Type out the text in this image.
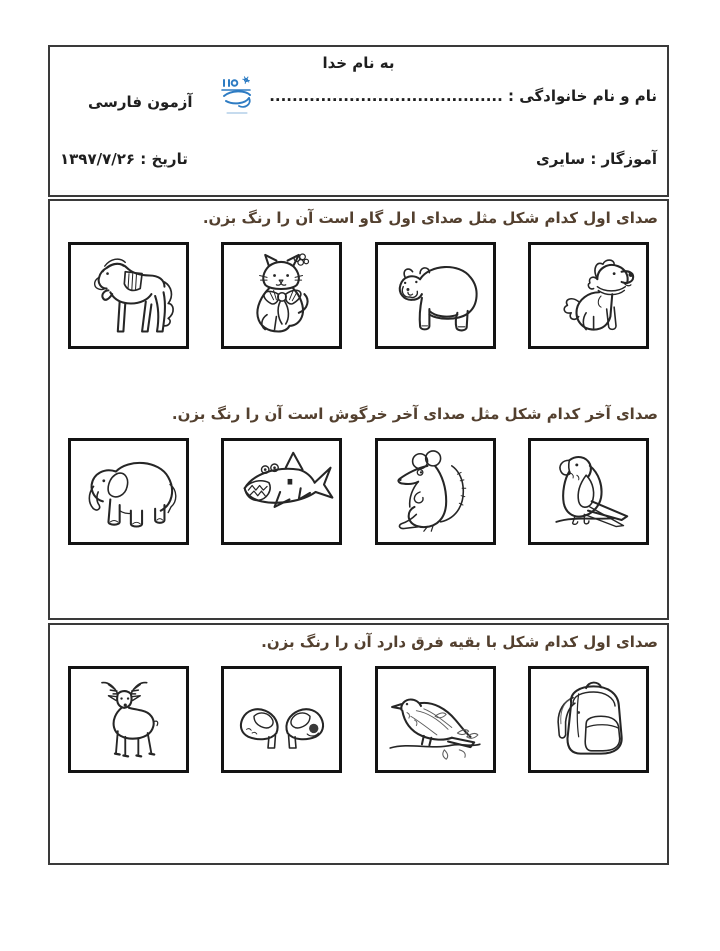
به نام خدا
نام و نام خانوادگی : .........................................
آزمون فارسی
آموزگار : سایری
تاریخ : ۱۳۹۷/۷/۲۶

صدای اول کدام شکل مثل صدای اول گاو است آن را رنگ بزن.

صدای آخر کدام شکل مثل صدای آخر خرگوش است آن را رنگ بزن.

صدای اول کدام شکل با بقیه فرق دارد آن را رنگ بزن.
